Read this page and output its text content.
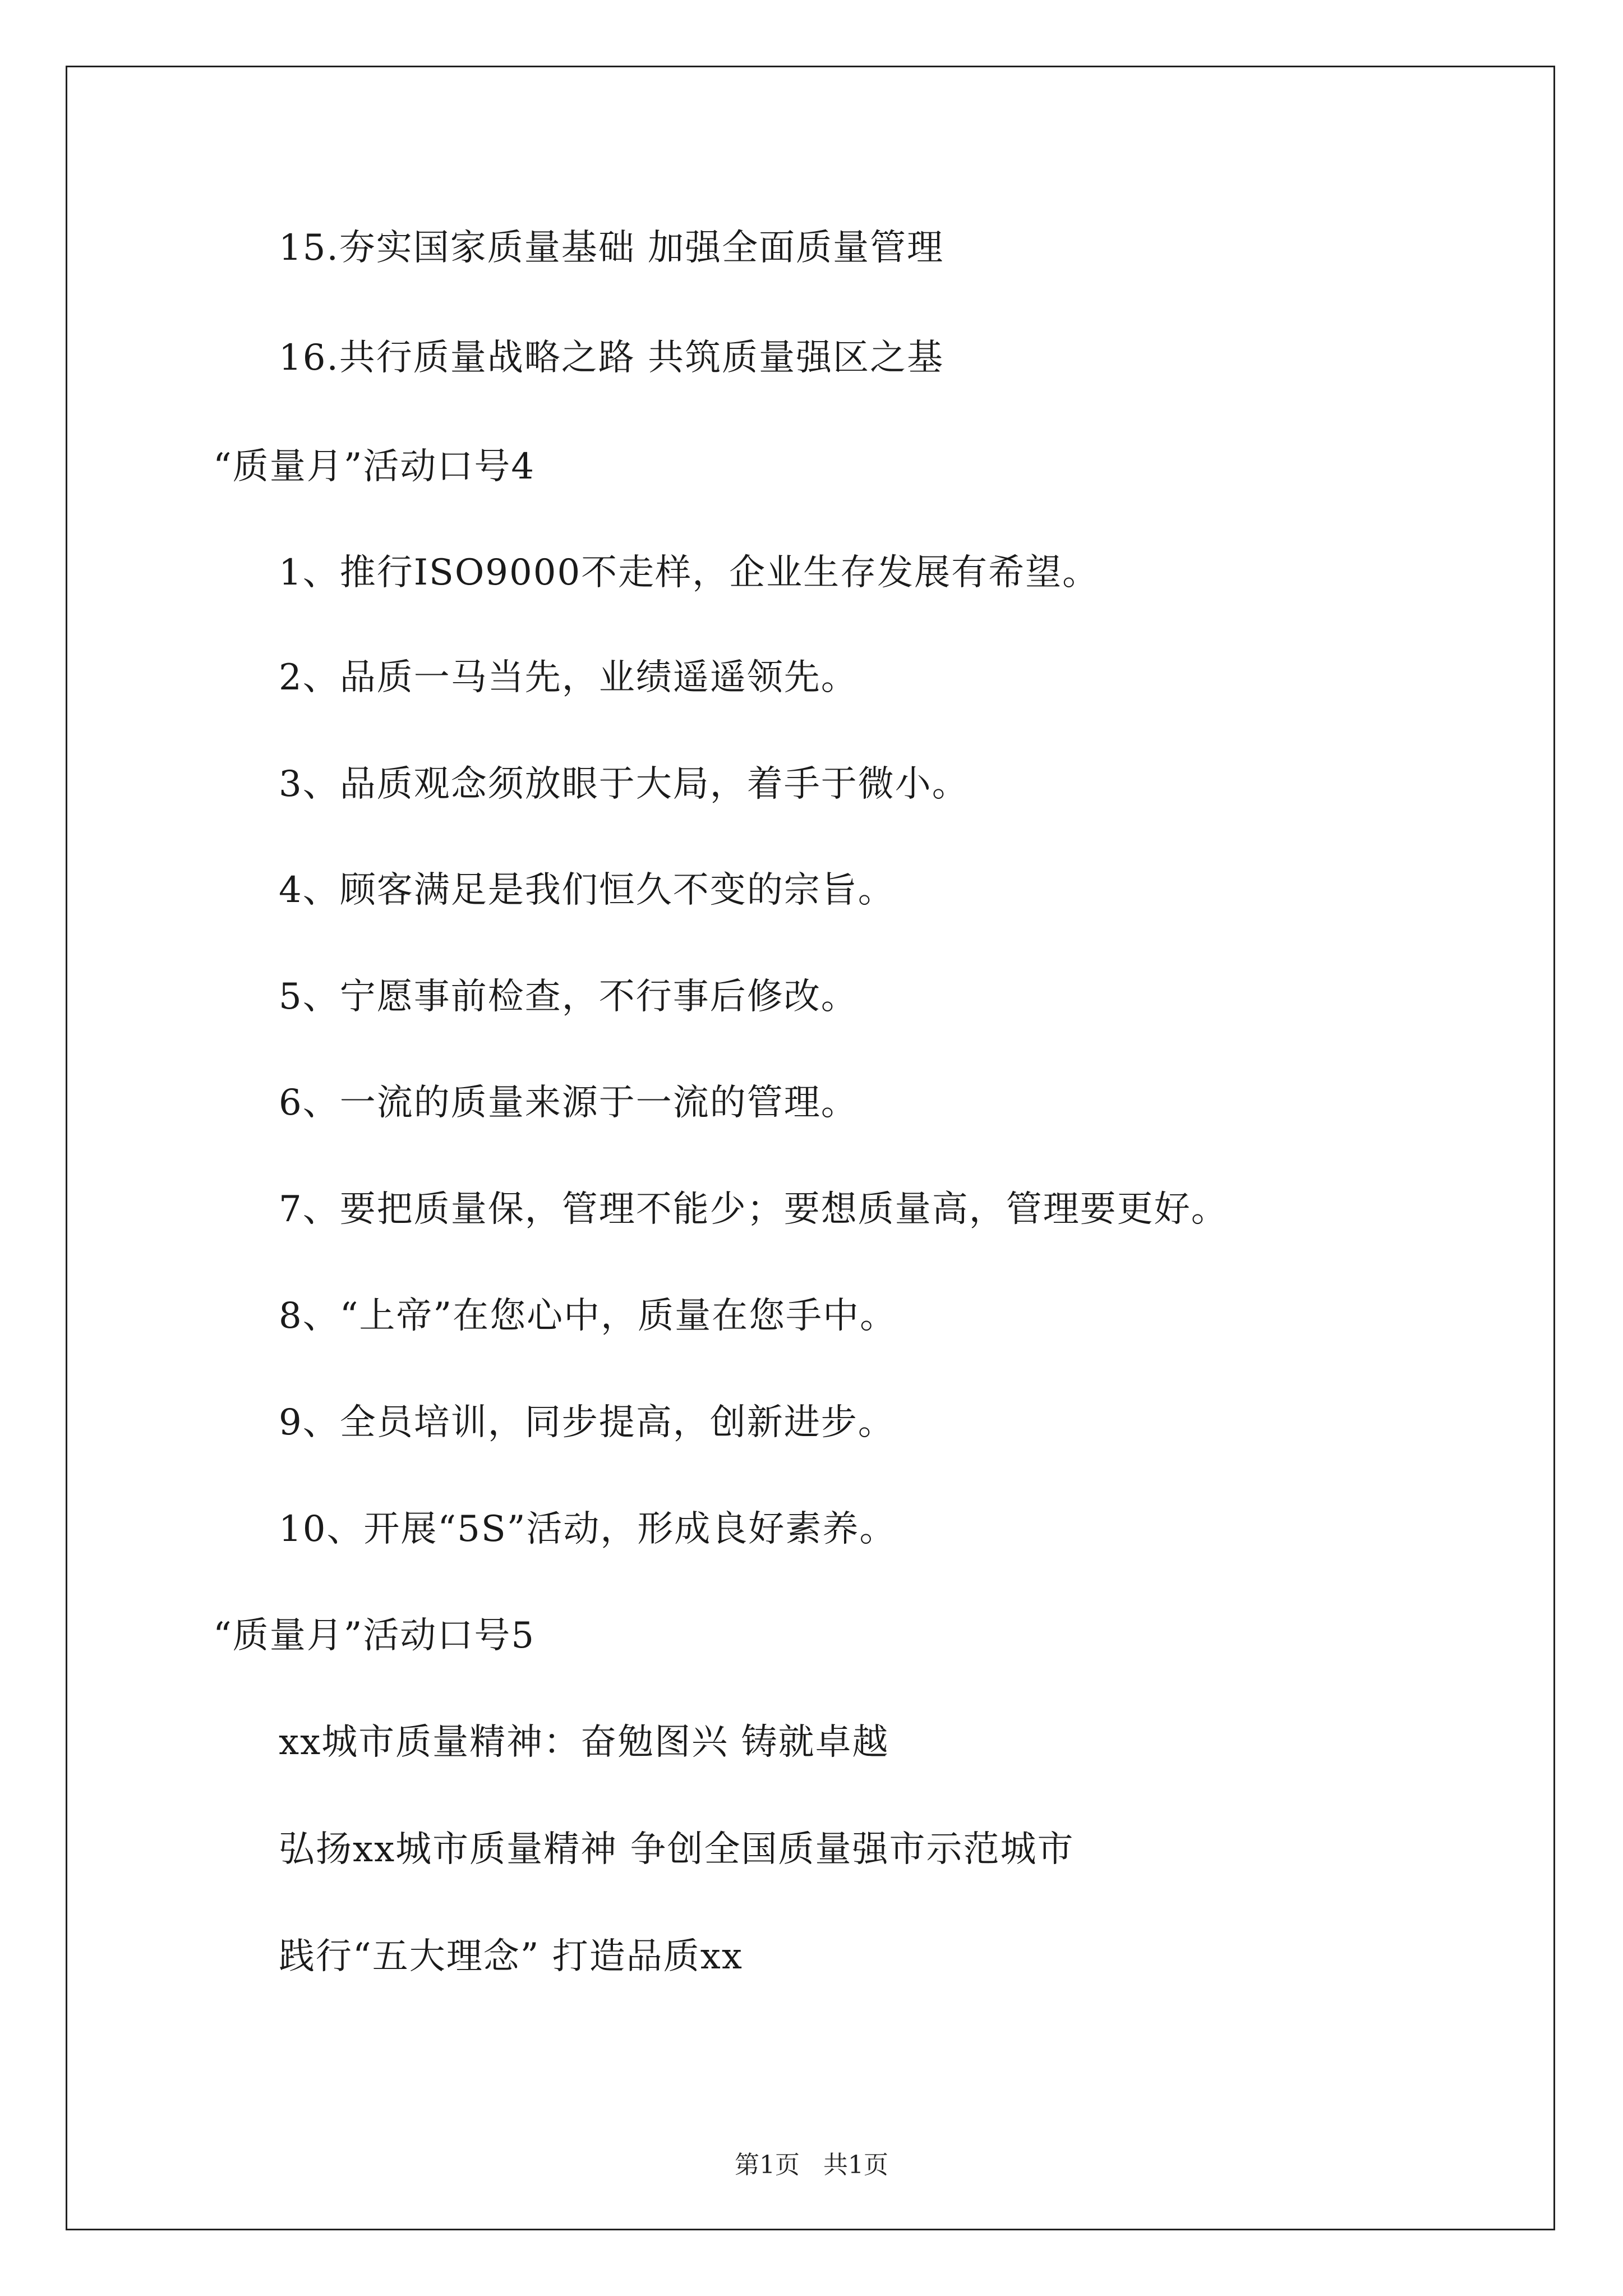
15.夯实国家质量基础 加强全面质量管理
16.共行质量战略之路 共筑质量强区之基
“质量月”活动口号4
1、推行ISO9000不走样，企业生存发展有希望。
2、品质一马当先，业绩遥遥领先。
3、品质观念须放眼于大局，着手于微小。
4、顾客满足是我们恒久不变的宗旨。
5、宁愿事前检查，不行事后修改。
6、一流的质量来源于一流的管理。
7、要把质量保，管理不能少；要想质量高，管理要更好。
8、“上帝”在您心中，质量在您手中。
9、全员培训，同步提高，创新进步。
10、开展“5S”活动，形成良好素养。
“质量月”活动口号5
xx城市质量精神：奋勉图兴 铸就卓越
弘扬xx城市质量精神 争创全国质量强市示范城市
践行“五大理念” 打造品质xx
第1页   共1页
